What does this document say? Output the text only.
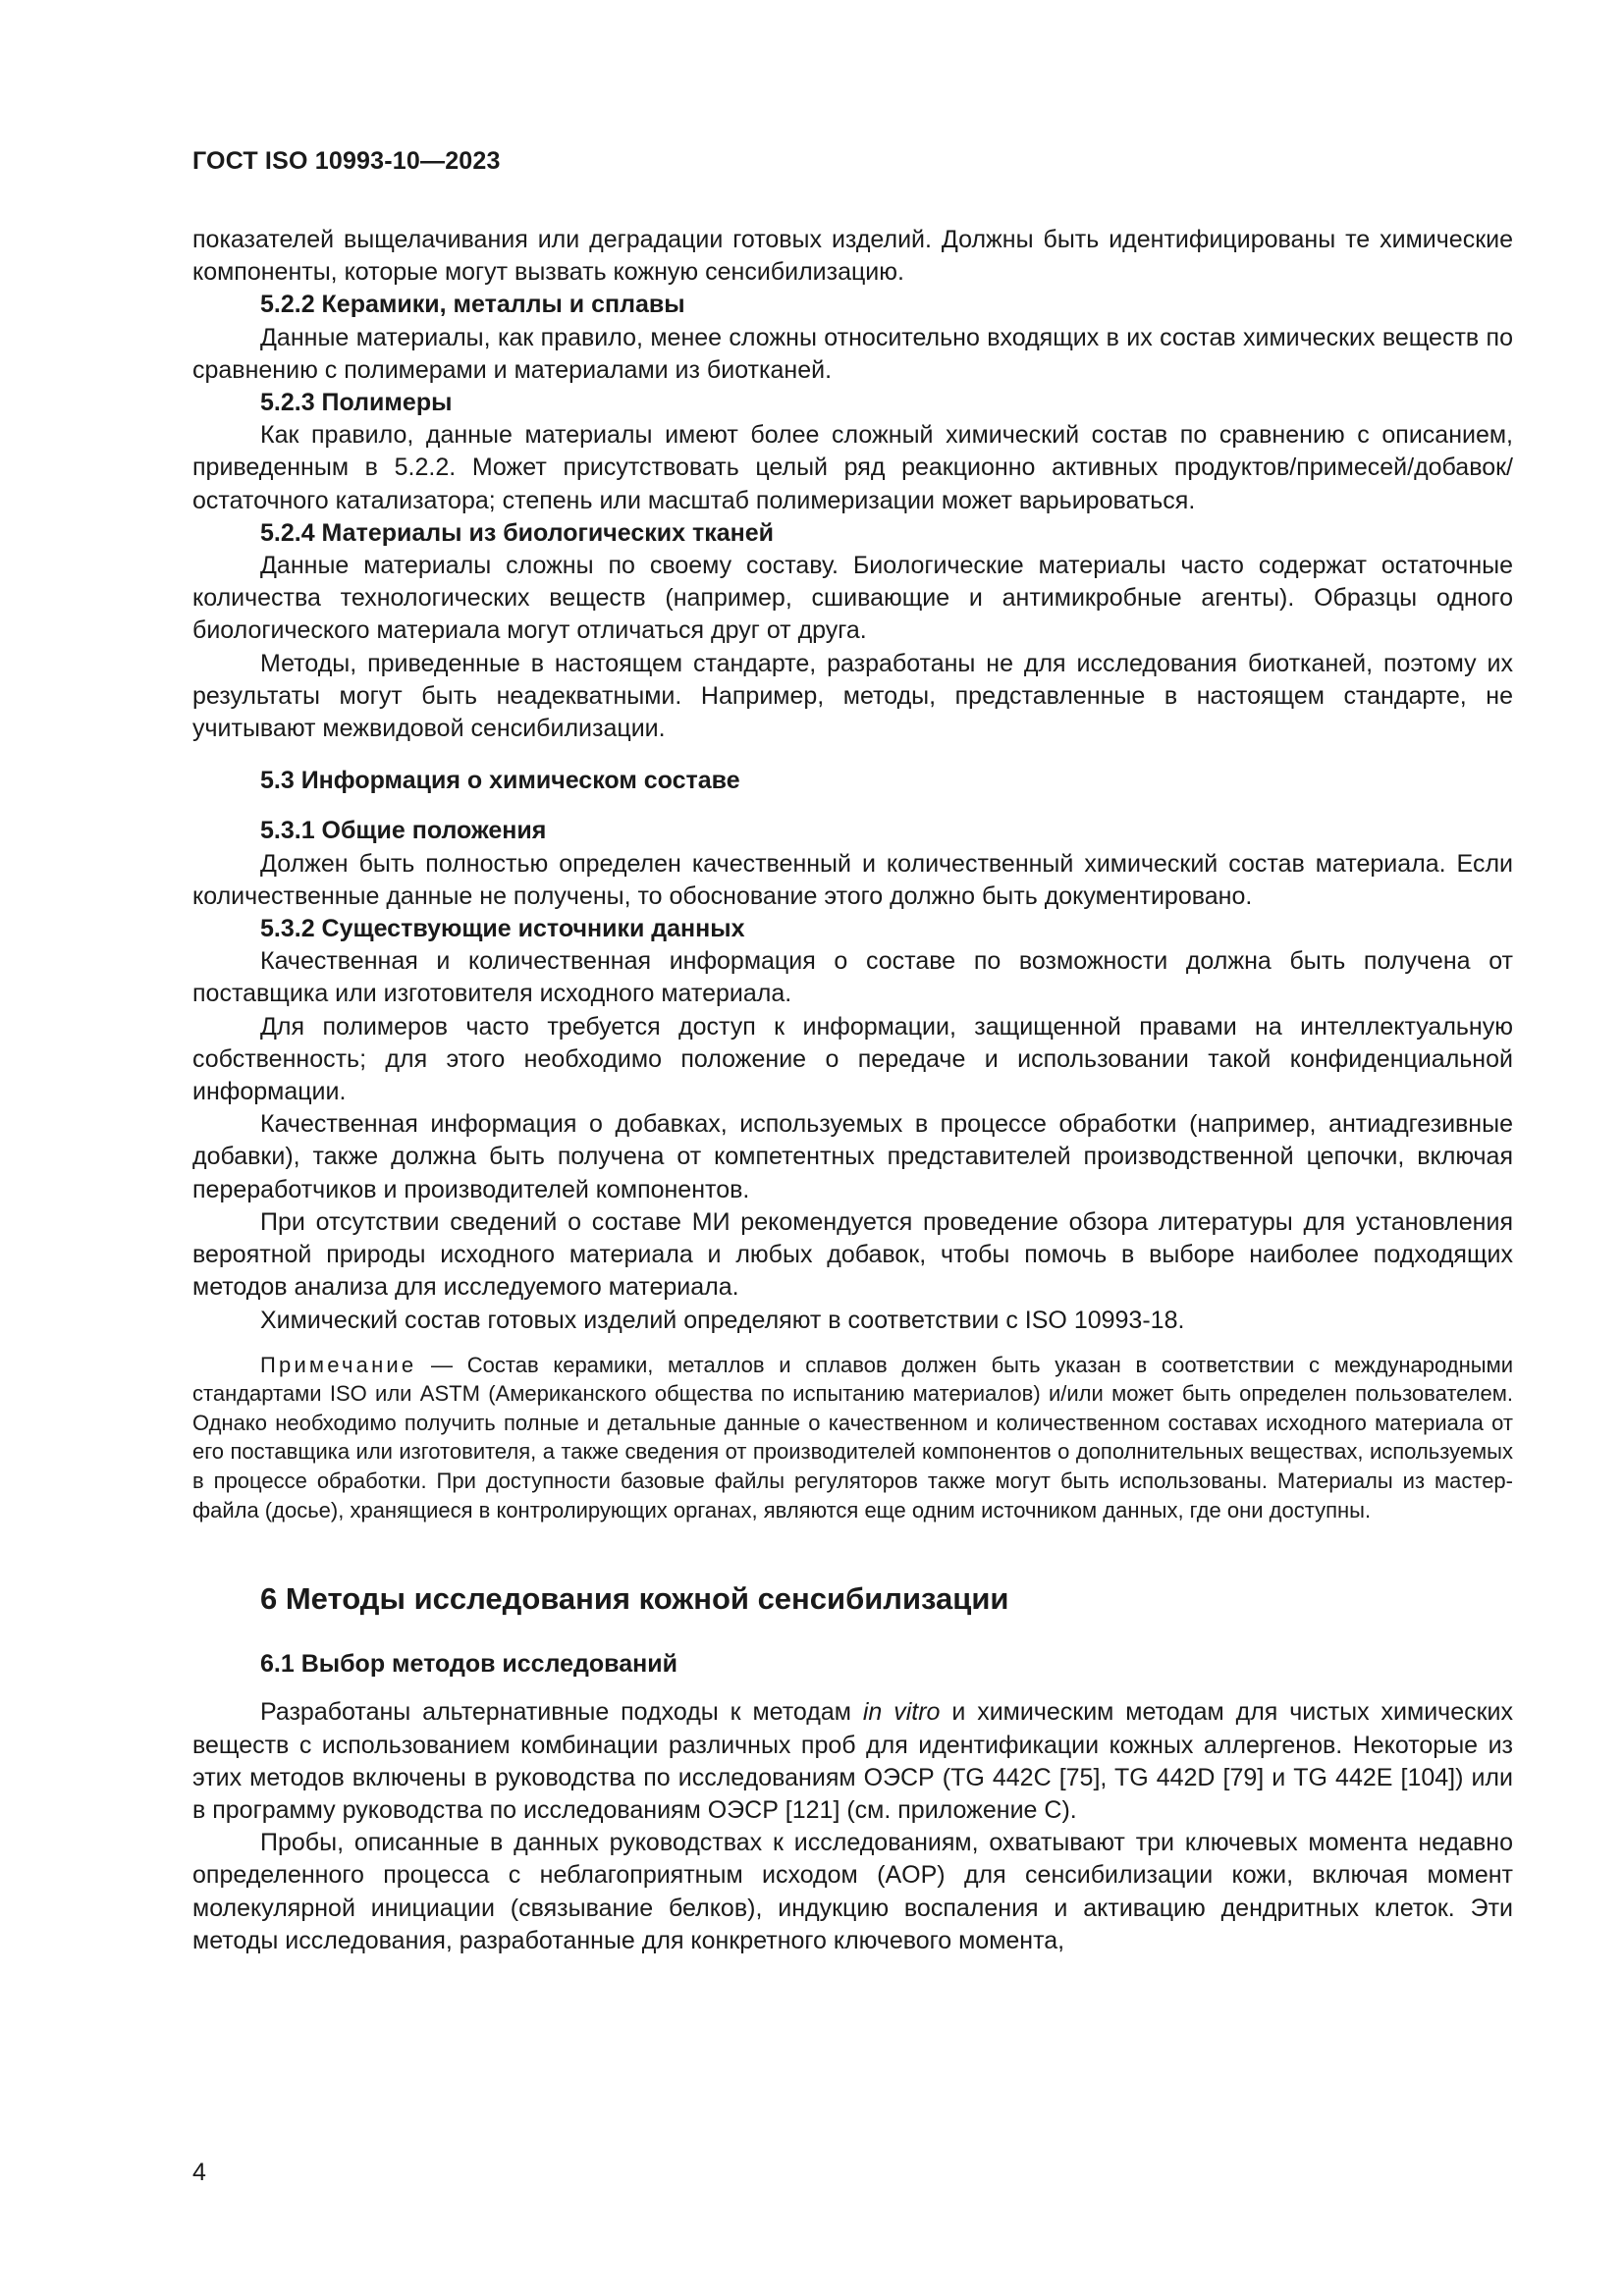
ГОСТ ISO 10993-10—2023

показателей выщелачивания или деградации готовых изделий. Должны быть идентифицированы те химические компоненты, которые могут вызвать кожную сенсибилизацию.

5.2.2 Керамики, металлы и сплавы

Данные материалы, как правило, менее сложны относительно входящих в их состав химических веществ по сравнению с полимерами и материалами из биотканей.

5.2.3 Полимеры

Как правило, данные материалы имеют более сложный химический состав по сравнению с описанием, приведенным в 5.2.2. Может присутствовать целый ряд реакционно активных продуктов/примесей/добавок/остаточного катализатора; степень или масштаб полимеризации может варьироваться.

5.2.4 Материалы из биологических тканей

Данные материалы сложны по своему составу. Биологические материалы часто содержат остаточные количества технологических веществ (например, сшивающие и антимикробные агенты). Образцы одного биологического материала могут отличаться друг от друга.

Методы, приведенные в настоящем стандарте, разработаны не для исследования биотканей, поэтому их результаты могут быть неадекватными. Например, методы, представленные в настоящем стандарте, не учитывают межвидовой сенсибилизации.

5.3 Информация о химическом составе
5.3.1 Общие положения

Должен быть полностью определен качественный и количественный химический состав материала. Если количественные данные не получены, то обоснование этого должно быть документировано.

5.3.2 Существующие источники данных

Качественная и количественная информация о составе по возможности должна быть получена от поставщика или изготовителя исходного материала.

Для полимеров часто требуется доступ к информации, защищенной правами на интеллектуальную собственность; для этого необходимо положение о передаче и использовании такой конфиденциальной информации.

Качественная информация о добавках, используемых в процессе обработки (например, антиадгезивные добавки), также должна быть получена от компетентных представителей производственной цепочки, включая переработчиков и производителей компонентов.

При отсутствии сведений о составе МИ рекомендуется проведение обзора литературы для установления вероятной природы исходного материала и любых добавок, чтобы помочь в выборе наиболее подходящих методов анализа для исследуемого материала.

Химический состав готовых изделий определяют в соответствии с ISO 10993-18.

Примечание — Состав керамики, металлов и сплавов должен быть указан в соответствии с международными стандартами ISO или ASTM (Американского общества по испытанию материалов) и/или может быть определен пользователем. Однако необходимо получить полные и детальные данные о качественном и количественном составах исходного материала от его поставщика или изготовителя, а также сведения от производителей компонентов о дополнительных веществах, используемых в процессе обработки. При доступности базовые файлы регуляторов также могут быть использованы. Материалы из мастер-файла (досье), хранящиеся в контролирующих органах, являются еще одним источником данных, где они доступны.

6 Методы исследования кожной сенсибилизации
6.1 Выбор методов исследований

Разработаны альтернативные подходы к методам in vitro и химическим методам для чистых химических веществ с использованием комбинации различных проб для идентификации кожных аллергенов. Некоторые из этих методов включены в руководства по исследованиям ОЭСР (TG 442C [75], TG 442D [79] и TG 442E [104]) или в программу руководства по исследованиям ОЭСР [121] (см. приложение C).

Пробы, описанные в данных руководствах к исследованиям, охватывают три ключевых момента недавно определенного процесса с неблагоприятным исходом (AOP) для сенсибилизации кожи, включая момент молекулярной инициации (связывание белков), индукцию воспаления и активацию дендритных клеток. Эти методы исследования, разработанные для конкретного ключевого момента,

4
